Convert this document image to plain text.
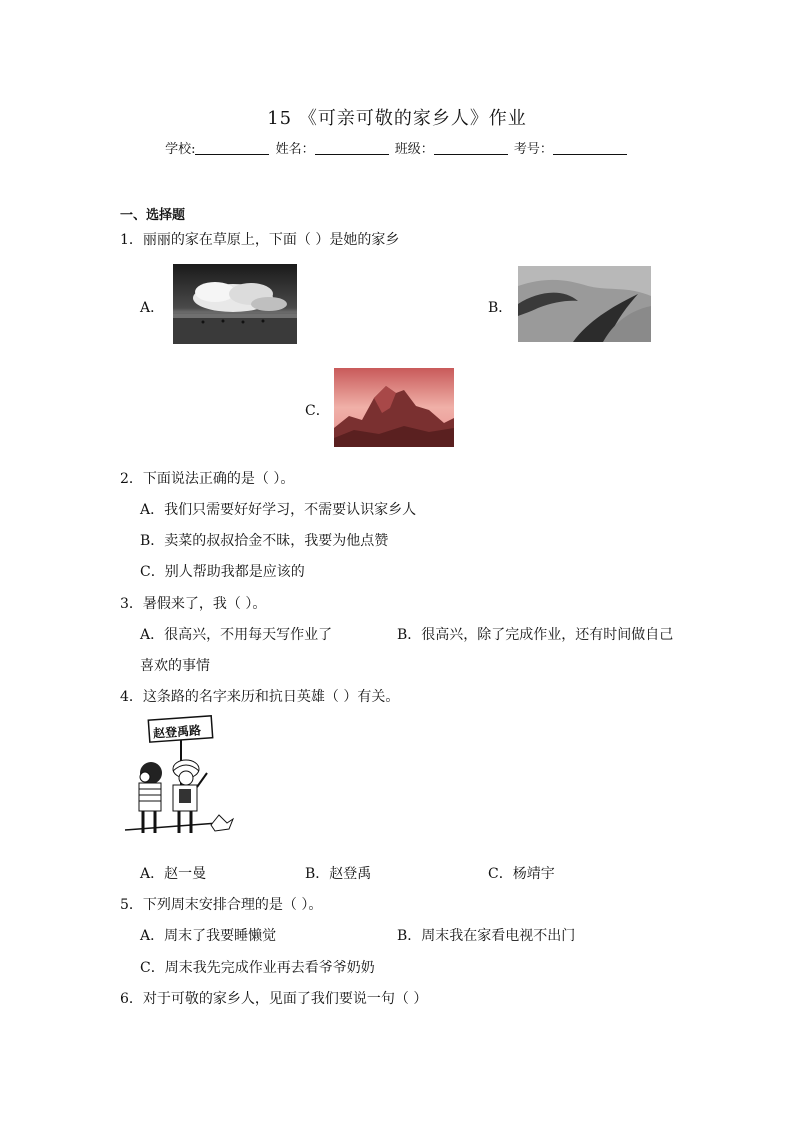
15 《可亲可敬的家乡人》作业
学校:	姓名：	班级：	考号：
一、选择题
1．丽丽的家在草原上，下面（ ）是她的家乡
A．	B．
C．
2．下面说法正确的是（ ）。
A．我们只需要好好学习，不需要认识家乡人
B．卖菜的叔叔拾金不昧，我要为他点赞
C．别人帮助我都是应该的
3．暑假来了，我（ ）。
A．很高兴，不用每天写作业了	B．很高兴，除了完成作业，还有时间做自己
喜欢的事情
4．这条路的名字来历和抗日英雄（ ）有关。
赵登禹路
A．赵一曼	B．赵登禹	C．杨靖宇
5．下列周末安排合理的是（ ）。
A．周末了我要睡懒觉	B．周末我在家看电视不出门
C．周末我先完成作业再去看爷爷奶奶
6．对于可敬的家乡人，见面了我们要说一句（ ）
